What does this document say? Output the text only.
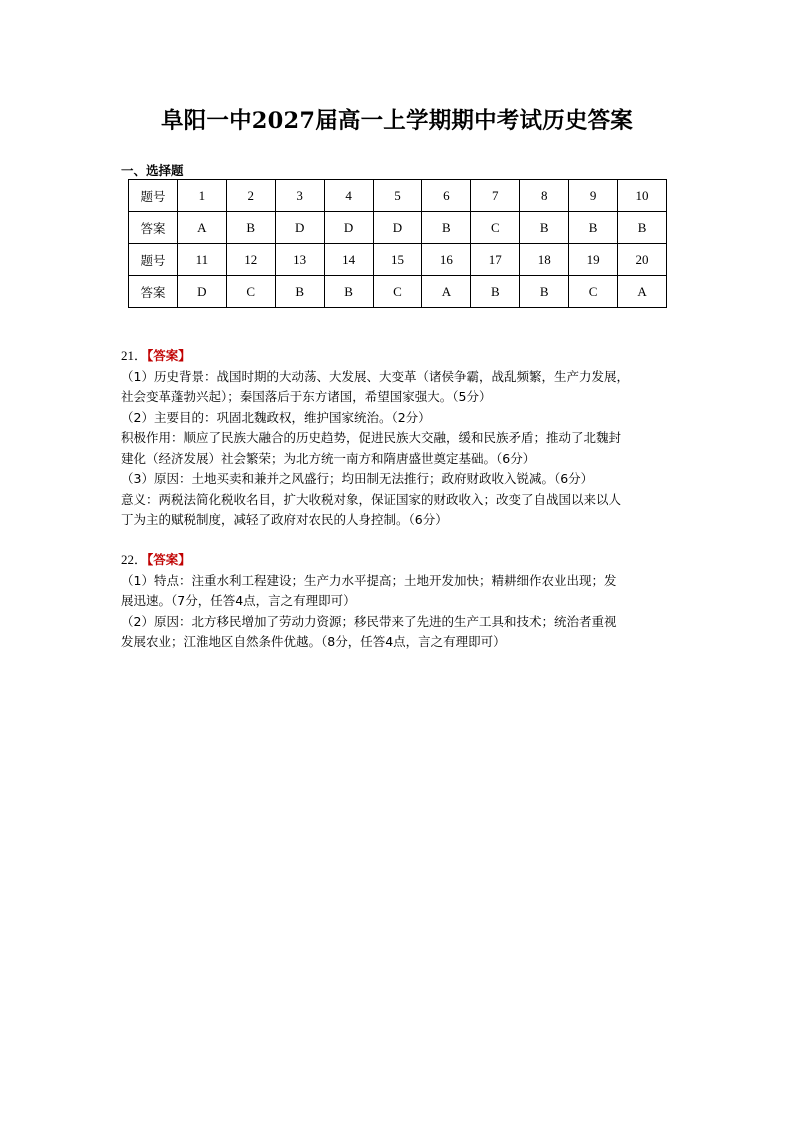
阜阳一中2027届高一上学期期中考试历史答案
一、选择题
题号	1	2	3	4	5	6	7	8	9	10
答案	A	B	D	D	D	B	C	B	B	B
题号	11	12	13	14	15	16	17	18	19	20
答案	D	C	B	B	C	A	B	B	C	A
21．【答案】
（1）历史背景：战国时期的大动荡、大发展、大变革（诸侯争霸，战乱频繁，生产力发展，
社会变革蓬勃兴起）；秦国落后于东方诸国，希望国家强大。（5分）
（2）主要目的：巩固北魏政权，维护国家统治。（2分）
积极作用：顺应了民族大融合的历史趋势，促进民族大交融，缓和民族矛盾；推动了北魏封
建化（经济发展）社会繁荣；为北方统一南方和隋唐盛世奠定基础。（6分）
（3）原因：土地买卖和兼并之风盛行；均田制无法推行；政府财政收入锐减。（6分）
意义：两税法简化税收名目，扩大收税对象，保证国家的财政收入；改变了自战国以来以人
丁为主的赋税制度，减轻了政府对农民的人身控制。（6分）
22．【答案】
（1）特点：注重水利工程建设；生产力水平提高；土地开发加快；精耕细作农业出现；发
展迅速。（7分，任答4点，言之有理即可）
（2）原因：北方移民增加了劳动力资源；移民带来了先进的生产工具和技术；统治者重视
发展农业；江淮地区自然条件优越。（8分，任答4点，言之有理即可）
